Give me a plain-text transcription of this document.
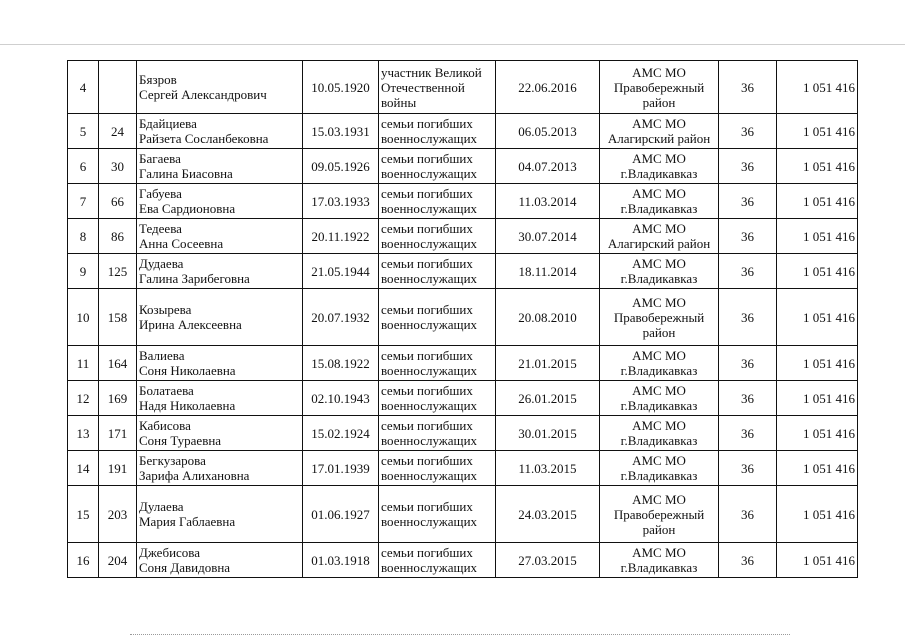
4		Бязров
Сергей Александрович	10.05.1920	участник Великой
Отечественной
войны	22.06.2016	АМС МО
Правобережный
район	36	1 051 416
5	24	Бдайциева
Райзета Сосланбековна	15.03.1931	семьи погибших
военнослужащих	06.05.2013	АМС МО
Алагирский район	36	1 051 416
6	30	Багаева
Галина Биасовна	09.05.1926	семьи погибших
военнослужащих	04.07.2013	АМС МО
г.Владикавказ	36	1 051 416
7	66	Габуева
Ева Сардионовна	17.03.1933	семьи погибших
военнослужащих	11.03.2014	АМС МО
г.Владикавказ	36	1 051 416
8	86	Тедеева
Анна Сосеевна	20.11.1922	семьи погибших
военнослужащих	30.07.2014	АМС МО
Алагирский район	36	1 051 416
9	125	Дудаева
Галина Зарибеговна	21.05.1944	семьи погибших
военнослужащих	18.11.2014	АМС МО
г.Владикавказ	36	1 051 416
10	158	Козырева
Ирина Алексеевна	20.07.1932	семьи погибших
военнослужащих	20.08.2010	АМС МО
Правобережный
район	36	1 051 416
11	164	Валиева
Соня Николаевна	15.08.1922	семьи погибших
военнослужащих	21.01.2015	АМС МО
г.Владикавказ	36	1 051 416
12	169	Болатаева
Надя Николаевна	02.10.1943	семьи погибших
военнослужащих	26.01.2015	АМС МО
г.Владикавказ	36	1 051 416
13	171	Кабисова
Соня Тураевна	15.02.1924	семьи погибших
военнослужащих	30.01.2015	АМС МО
г.Владикавказ	36	1 051 416
14	191	Бегкузарова
Зарифа Алихановна	17.01.1939	семьи погибших
военнослужащих	11.03.2015	АМС МО
г.Владикавказ	36	1 051 416
15	203	Дулаева
Мария Габлаевна	01.06.1927	семьи погибших
военнослужащих	24.03.2015	АМС МО
Правобережный
район	36	1 051 416
16	204	Джебисова
Соня Давидовна	01.03.1918	семьи погибших
военнослужащих	27.03.2015	АМС МО
г.Владикавказ	36	1 051 416
